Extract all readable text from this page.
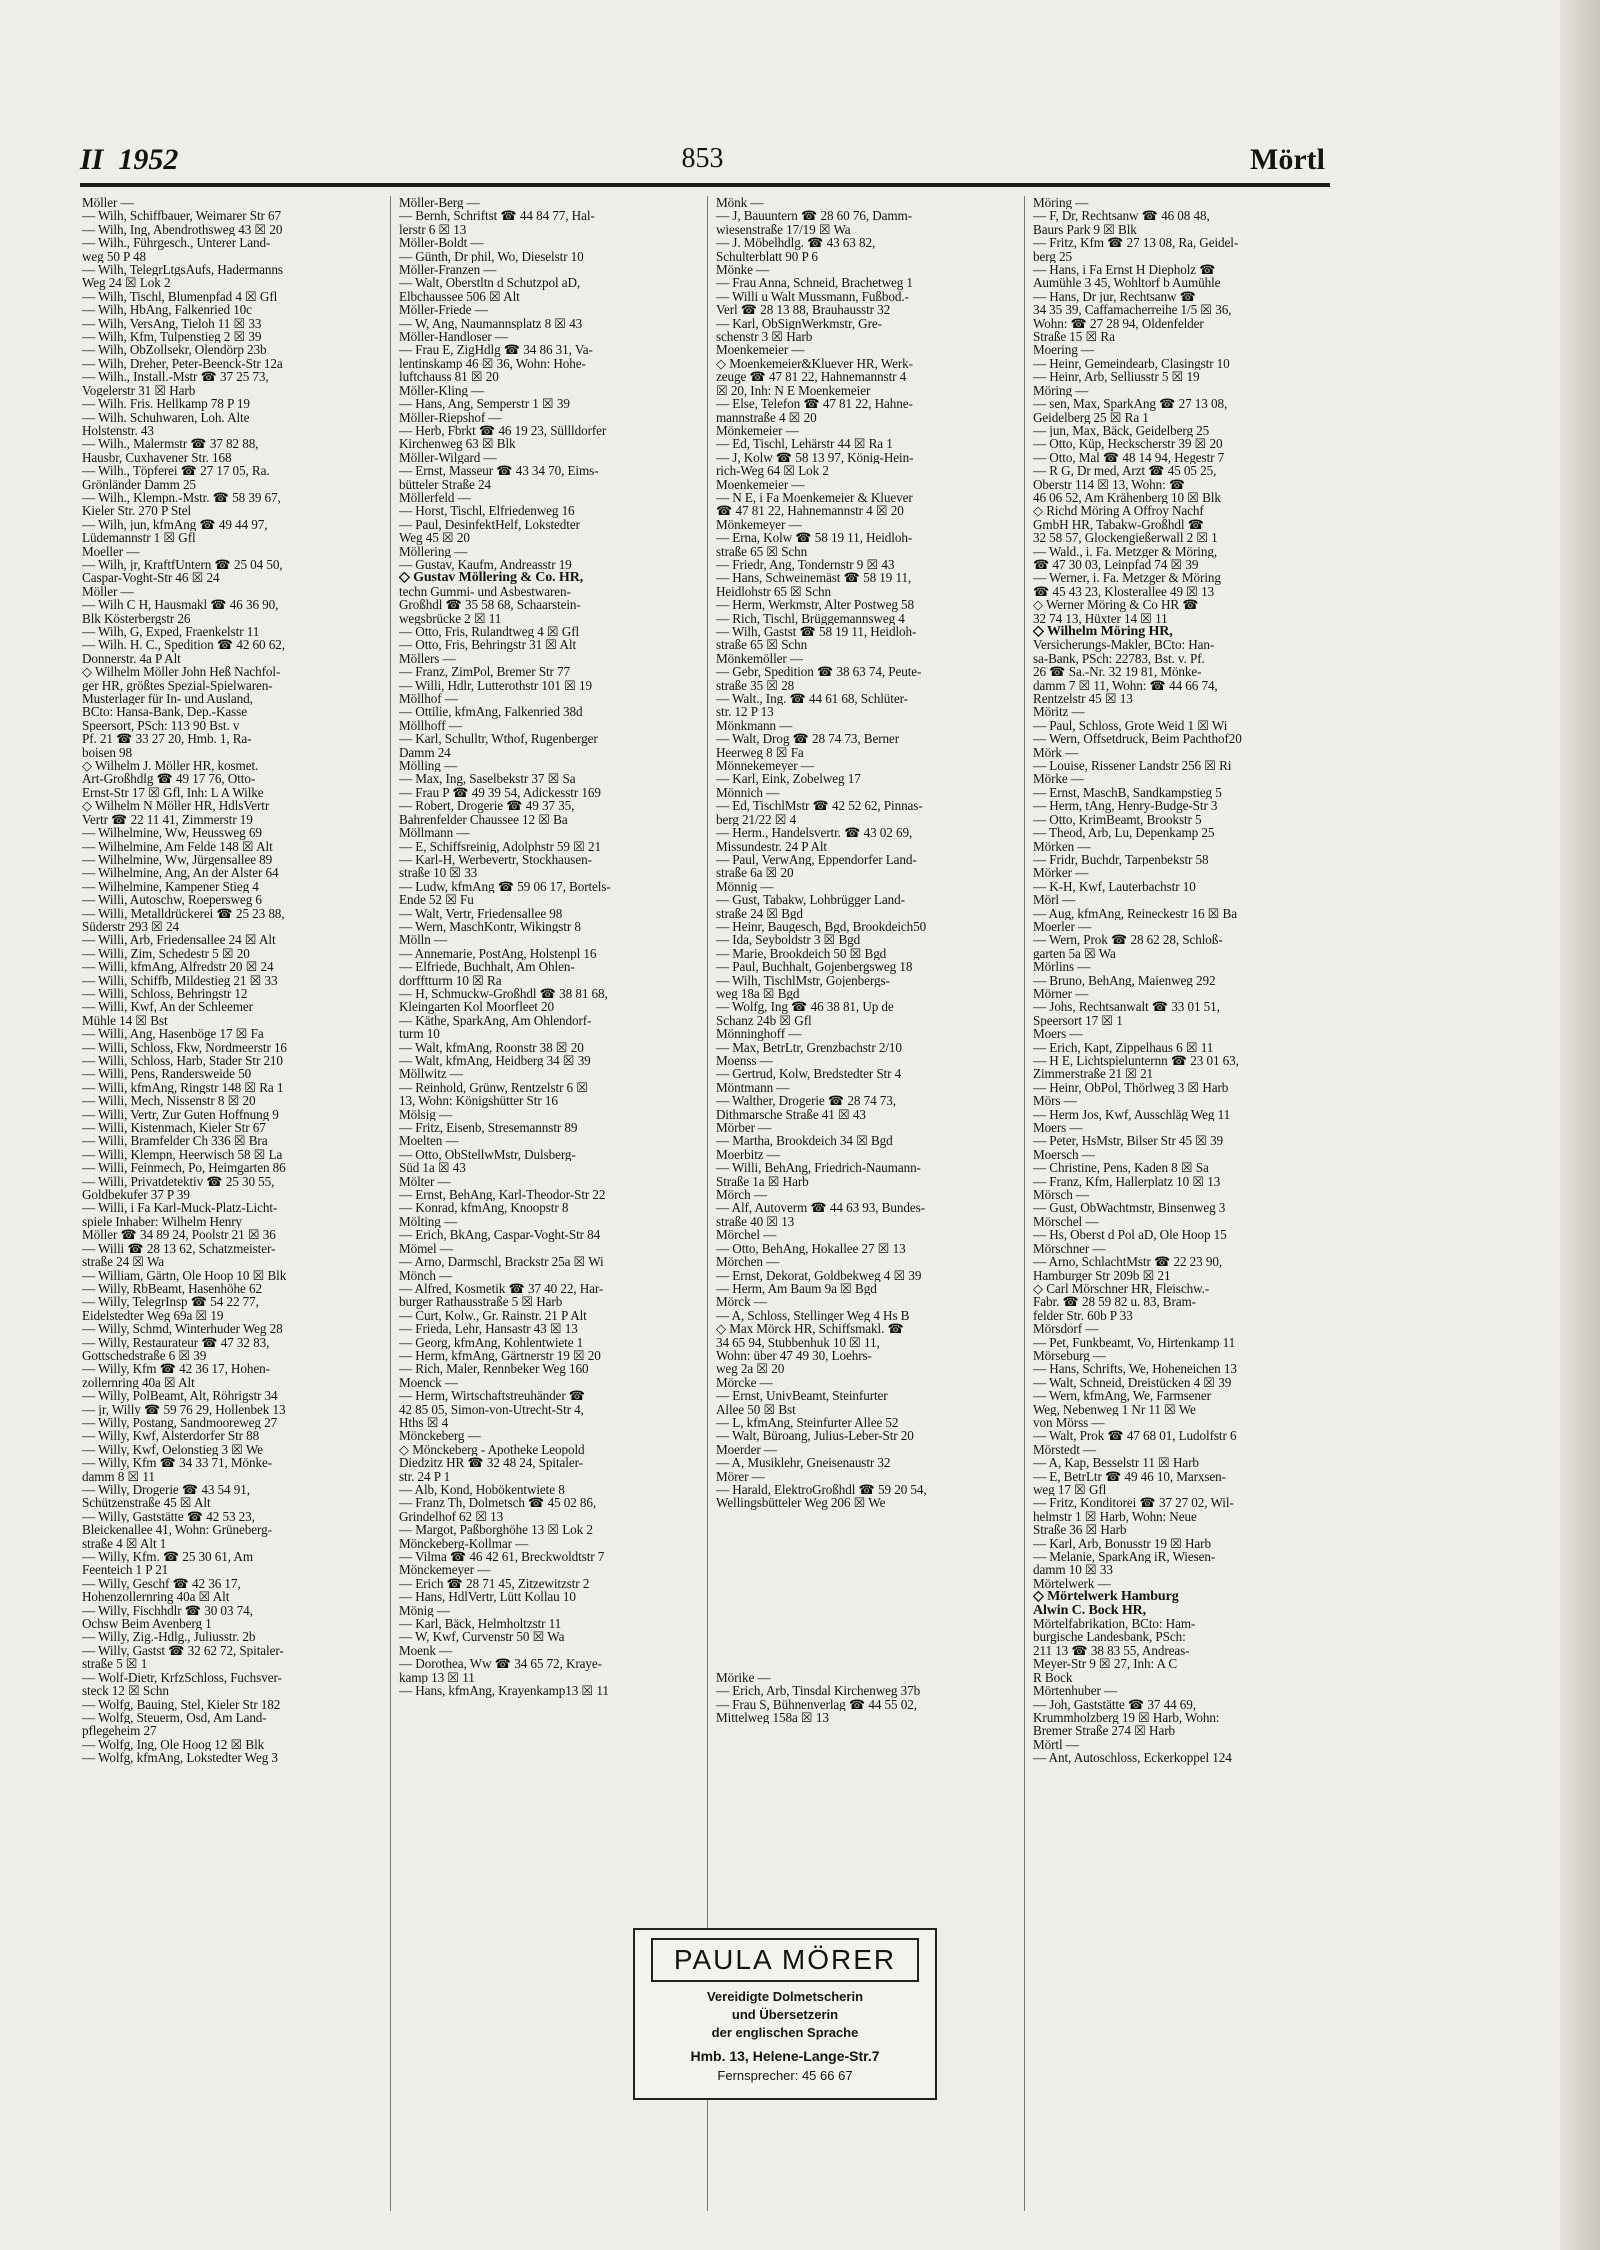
II 1952	853	Mörtl
Möller —
— Wilh, Schiffbauer, Weimarer Str 67
— Wilh, Ing, Abendrothsweg 43 ☒ 20
— Wilh., Führgesch., Unterer Land-
weg 50 P 48
— Wilh, TelegrLtgsAufs, Hadermanns
Weg 24 ☒ Lok 2
— Wilh, Tischl, Blumenpfad 4 ☒ Gfl
— Wilh, HbAng, Falkenried 10c
— Wilh, VersAng, Tieloh 11 ☒ 33
— Wilh, Kfm, Tulpenstieg 2 ☒ 39
— Wilh, ObZollsekr, Olendörp 23b
— Wilh, Dreher, Peter-Beenck-Str 12a
— Wilh., Install.-Mstr ☎ 37 25 73,
Vogelerstr 31 ☒ Harb
— Wilh. Fris. Hellkamp 78 P 19
— Wilh. Schuhwaren, Loh. Alte
Holstenstr. 43
— Wilh., Malermstr ☎ 37 82 88,
Hausbr, Cuxhavener Str. 168
— Wilh., Töpferei ☎ 27 17 05, Ra.
Grönländer Damm 25
— Wilh., Klempn.-Mstr. ☎ 58 39 67,
Kieler Str. 270 P Stel
— Wilh, jun, kfmAng ☎ 49 44 97,
Lüdemannstr 1 ☒ Gfl
Moeller —
— Wilh, jr, KraftfUntern ☎ 25 04 50,
Caspar-Voght-Str 46 ☒ 24
Möller —
— Wilh C H, Hausmakl ☎ 46 36 90,
Blk Kösterbergstr 26
— Wilh, G, Exped, Fraenkelstr 11
— Wilh. H. C., Spedition ☎ 42 60 62,
Donnerstr. 4a P Alt
◇ Wilhelm Möller John Heß Nachfol-
ger HR, größtes Spezial-Spielwaren-
Musterlager für In- und Ausland,
BCto: Hansa-Bank, Dep.-Kasse
Speersort, PSch: 113 90 Bst. v
Pf. 21 ☎ 33 27 20, Hmb. 1, Ra-
boisen 98
◇ Wilhelm J. Möller HR, kosmet.
Art-Großhdlg ☎ 49 17 76, Otto-
Ernst-Str 17 ☒ Gfl, Inh: L A Wilke
◇ Wilhelm N Möller HR, HdlsVertr
Vertr ☎ 22 11 41, Zimmerstr 19
— Wilhelmine, Ww, Heussweg 69
— Wilhelmine, Am Felde 148 ☒ Alt
— Wilhelmine, Ww, Jürgensallee 89
— Wilhelmine, Ang, An der Alster 64
— Wilhelmine, Kampener Stieg 4
— Willi, Autoschw, Roepersweg 6
— Willi, Metalldrückerei ☎ 25 23 88,
Süderstr 293 ☒ 24
— Willi, Arb, Friedensallee 24 ☒ Alt
— Willi, Zim, Schedestr 5 ☒ 20
— Willi, kfmAng, Alfredstr 20 ☒ 24
— Willi, Schiffb, Mildestieg 21 ☒ 33
— Willi, Schloss, Behringstr 12
— Willi, Kwf, An der Schleemer
Mühle 14 ☒ Bst
— Willi, Ang, Hasenböge 17 ☒ Fa
— Willi, Schloss, Fkw, Nordmeerstr 16
— Willi, Schloss, Harb, Stader Str 210
— Willi, Pens, Randersweide 50
— Willi, kfmAng, Ringstr 148 ☒ Ra 1
— Willi, Mech, Nissenstr 8 ☒ 20
— Willi, Vertr, Zur Guten Hoffnung 9
— Willi, Kistenmach, Kieler Str 67
— Willi, Bramfelder Ch 336 ☒ Bra
— Willi, Klempn, Heerwisch 58 ☒ La
— Willi, Feinmech, Po, Heimgarten 86
— Willi, Privatdetektiv ☎ 25 30 55,
Goldbekufer 37 P 39
— Willi, i Fa Karl-Muck-Platz-Licht-
spiele Inhaber: Wilhelm Henry
Möller ☎ 34 89 24, Poolstr 21 ☒ 36
— Willi ☎ 28 13 62, Schatzmeister-
straße 24 ☒ Wa
— William, Gärtn, Ole Hoop 10 ☒ Blk
— Willy, RbBeamt, Hasenhöhe 62
— Willy, TelegrInsp ☎ 54 22 77,
Eidelstedter Weg 69a ☒ 19
— Willy, Schmd, Winterhuder Weg 28
— Willy, Restaurateur ☎ 47 32 83,
Gottschedstraße 6 ☒ 39
— Willy, Kfm ☎ 42 36 17, Hohen-
zollernring 40a ☒ Alt
— Willy, PolBeamt, Alt, Röhrigstr 34
— jr, Willy ☎ 59 76 29, Hollenbek 13
— Willy, Postang, Sandmooreweg 27
— Willy, Kwf, Alsterdorfer Str 88
— Willy, Kwf, Oelonstieg 3 ☒ We
— Willy, Kfm ☎ 34 33 71, Mönke-
damm 8 ☒ 11
— Willy, Drogerie ☎ 43 54 91,
Schützenstraße 45 ☒ Alt
— Willy, Gaststätte ☎ 42 53 23,
Bleickenallee 41, Wohn: Grüneberg-
straße 4 ☒ Alt 1
— Willy, Kfm. ☎ 25 30 61, Am
Feenteich 1 P 21
— Willy, Geschf ☎ 42 36 17,
Hohenzollernring 40a ☒ Alt
— Willy, Fischhdlr ☎ 30 03 74,
Ochsw Beim Avenberg 1
— Willy, Zig.-Hdlg., Juliusstr. 2b
— Willy, Gastst ☎ 32 62 72, Spitaler-
straße 5 ☒ 1
— Wolf-Dietr, KrfzSchloss, Fuchsver-
steck 12 ☒ Schn
— Wolfg, Bauing, Stel, Kieler Str 182
— Wolfg, Steuerm, Osd, Am Land-
pflegeheim 27
— Wolfg, Ing, Ole Hoog 12 ☒ Blk
— Wolfg, kfmAng, Lokstedter Weg 3
Möller-Berg —
— Bernh, Schriftst ☎ 44 84 77, Hal-
lerstr 6 ☒ 13
Möller-Boldt —
— Günth, Dr phil, Wo, Dieselstr 10
Möller-Franzen —
— Walt, Oberstltn d Schutzpol aD,
Elbchaussee 506 ☒ Alt
Möller-Friede —
— W, Ang, Naumannsplatz 8 ☒ 43
Möller-Handloser —
— Frau E, ZigHdlg ☎ 34 86 31, Va-
lentinskamp 46 ☒ 36, Wohn: Hohe-
luftchauss 81 ☒ 20
Möller-Kling —
— Hans, Ang, Semperstr 1 ☒ 39
Möller-Riepshof —
— Herb, Fbrkt ☎ 46 19 23, Süllldorfer
Kirchenweg 63 ☒ Blk
Möller-Wilgard —
— Ernst, Masseur ☎ 43 34 70, Eims-
bütteler Straße 24
Möllerfeld —
— Horst, Tischl, Elfriedenweg 16
— Paul, DesinfektHelf, Lokstedter
Weg 45 ☒ 20
Möllering —
— Gustav, Kaufm, Andreasstr 19
◇ Gustav Möllering & Co. HR,
techn Gummi- und Asbestwaren-
Großhdl ☎ 35 58 68, Schaarstein-
wegsbrücke 2 ☒ 11
— Otto, Fris, Rulandtweg 4 ☒ Gfl
— Otto, Fris, Behringstr 31 ☒ Alt
Möllers —
— Franz, ZimPol, Bremer Str 77
— Willi, Hdlr, Lutterothstr 101 ☒ 19
Möllhof —
— Ottilie, kfmAng, Falkenried 38d
Möllhoff —
— Karl, Schulltr, Wthof, Rugenberger
Damm 24
Mölling —
— Max, Ing, Saselbekstr 37 ☒ Sa
— Frau P ☎ 49 39 54, Adickesstr 169
— Robert, Drogerie ☎ 49 37 35,
Bahrenfelder Chaussee 12 ☒ Ba
Möllmann —
— E, Schiffsreinig, Adolphstr 59 ☒ 21
— Karl-H, Werbevertr, Stockhausen-
straße 10 ☒ 33
— Ludw, kfmAng ☎ 59 06 17, Bortels-
Ende 52 ☒ Fu
— Walt, Vertr, Friedensallee 98
— Wern, MaschKontr, Wikingstr 8
Mölln —
— Annemarie, PostAng, Holstenpl 16
— Elfriede, Buchhalt, Am Ohlen-
dorfftturm 10 ☒ Ra
— H, Schmuckw-Großhdl ☎ 38 81 68,
Kleingarten Kol Moorfleet 20
— Käthe, SparkAng, Am Ohlendorf-
turm 10
— Walt, kfmAng, Roonstr 38 ☒ 20
— Walt, kfmAng, Heidberg 34 ☒ 39
Möllwitz —
— Reinhold, Grünw, Rentzelstr 6 ☒
13, Wohn: Königshütter Str 16
Mölsig —
— Fritz, Eisenb, Stresemannstr 89
Moelten —
— Otto, ObStellwMstr, Dulsberg-
Süd 1a ☒ 43
Mölter —
— Ernst, BehAng, Karl-Theodor-Str 22
— Konrad, kfmAng, Knoopstr 8
Mölting —
— Erich, BkAng, Caspar-Voght-Str 84
Mömel —
— Arno, Darmschl, Brackstr 25a ☒ Wi
Mönch —
— Alfred, Kosmetik ☎ 37 40 22, Har-
burger Rathausstraße 5 ☒ Harb
— Curt, Kolw., Gr. Rainstr. 21 P Alt
— Frieda, Lehr, Hansastr 43 ☒ 13
— Georg, kfmAng, Kohlentwiete 1
— Herm, kfmAng, Gärtnerstr 19 ☒ 20
— Rich, Maler, Rennbeker Weg 160
Moenck —
— Herm, Wirtschaftstreuhänder ☎
42 85 05, Simon-von-Utrecht-Str 4,
Hths ☒ 4
Mönckeberg —
◇ Mönckeberg - Apotheke Leopold
Diedzitz HR ☎ 32 48 24, Spitaler-
str. 24 P 1
— Alb, Kond, Hobökentwiete 8
— Franz Th, Dolmetsch ☎ 45 02 86,
Grindelhof 62 ☒ 13
— Margot, Paßborghöhe 13 ☒ Lok 2
Mönckeberg-Kollmar —
— Vilma ☎ 46 42 61, Breckwoldtstr 7
Mönckemeyer —
— Erich ☎ 28 71 45, Zitzewitzstr 2
— Hans, HdlVertr, Lütt Kollau 10
Mönig —
— Karl, Bäck, Helmholtzstr 11
— W, Kwf, Curvenstr 50 ☒ Wa
Moenk —
— Dorothea, Ww ☎ 34 65 72, Kraye-
kamp 13 ☒ 11
— Hans, kfmAng, Krayenkamp13 ☒ 11
Mönk —
— J, Bauuntern ☎ 28 60 76, Damm-
wiesenstraße 17/19 ☒ Wa
— J. Möbelhdlg. ☎ 43 63 82,
Schulterblatt 90 P 6
Mönke —
— Frau Anna, Schneid, Brachetweg 1
— Willi u Walt Mussmann, Fußbod.-
Verl ☎ 28 13 88, Brauhausstr 32
— Karl, ObSignWerkmstr, Gre-
schenstr 3 ☒ Harb
Moenkemeier —
◇ Moenkemeier&Kluever HR, Werk-
zeuge ☎ 47 81 22, Hahnemannstr 4
☒ 20, Inh: N E Moenkemeier
— Else, Telefon ☎ 47 81 22, Hahne-
mannstraße 4 ☒ 20
Mönkemeier —
— Ed, Tischl, Lehärstr 44 ☒ Ra 1
— J, Kolw ☎ 58 13 97, König-Hein-
rich-Weg 64 ☒ Lok 2
Moenkemeier —
— N E, i Fa Moenkemeier & Kluever
☎ 47 81 22, Hahnemannstr 4 ☒ 20
Mönkemeyer —
— Erna, Kolw ☎ 58 19 11, Heidloh-
straße 65 ☒ Schn
— Friedr, Ang, Tondernstr 9 ☒ 43
— Hans, Schweinemäst ☎ 58 19 11,
Heidlohstr 65 ☒ Schn
— Herm, Werkmstr, Alter Postweg 58
— Rich, Tischl, Brüggemannsweg 4
— Wilh, Gastst ☎ 58 19 11, Heidloh-
straße 65 ☒ Schn
Mönkemöller —
— Gebr, Spedition ☎ 38 63 74, Peute-
straße 35 ☒ 28
— Walt., Ing. ☎ 44 61 68, Schlüter-
str. 12 P 13
Mönkmann —
— Walt, Drog ☎ 28 74 73, Berner
Heerweg 8 ☒ Fa
Mönnekemeyer —
— Karl, Eink, Zobelweg 17
Mönnich —
— Ed, TischlMstr ☎ 42 52 62, Pinnas-
berg 21/22 ☒ 4
— Herm., Handelsvertr. ☎ 43 02 69,
Missundestr. 24 P Alt
— Paul, VerwAng, Eppendorfer Land-
straße 6a ☒ 20
Mönnig —
— Gust, Tabakw, Lohbrügger Land-
straße 24 ☒ Bgd
— Heinr, Baugesch, Bgd, Brookdeich50
— Ida, Seyboldstr 3 ☒ Bgd
— Marie, Brookdeich 50 ☒ Bgd
— Paul, Buchhalt, Gojenbergsweg 18
— Wilh, TischlMstr, Gojenbergs-
weg 18a ☒ Bgd
— Wolfg, Ing ☎ 46 38 81, Up de
Schanz 24b ☒ Gfl
Mönninghoff —
— Max, BetrLtr, Grenzbachstr 2/10
Moenss —
— Gertrud, Kolw, Bredstedter Str 4
Möntmann —
— Walther, Drogerie ☎ 28 74 73,
Dithmarsche Straße 41 ☒ 43
Mörber —
— Martha, Brookdeich 34 ☒ Bgd
Moerbitz —
— Willi, BehAng, Friedrich-Naumann-
Straße 1a ☒ Harb
Mörch —
— Alf, Autoverm ☎ 44 63 93, Bundes-
straße 40 ☒ 13
Mörchel —
— Otto, BehAng, Hokallee 27 ☒ 13
Mörchen —
— Ernst, Dekorat, Goldbekweg 4 ☒ 39
— Herm, Am Baum 9a ☒ Bgd
Mörck —
— A, Schloss, Stellinger Weg 4 Hs B
◇ Max Mörck HR, Schiffsmakl. ☎
34 65 94, Stubbenhuk 10 ☒ 11,
Wohn: über 47 49 30, Loehrs-
weg 2a ☒ 20
Mörcke —
— Ernst, UnivBeamt, Steinfurter
Allee 50 ☒ Bst
— L, kfmAng, Steinfurter Allee 52
— Walt, Büroang, Julius-Leber-Str 20
Moerder —
— A, Musiklehr, Gneisenaustr 32
Mörer —
— Harald, ElektroGroßhdl ☎ 59 20 54,
Wellingsbütteler Weg 206 ☒ We

Mörike —
— Erich, Arb, Tinsdal Kirchenweg 37b
— Frau S, Bühnenverlag ☎ 44 55 02,
Mittelweg 158a ☒ 13
Möring —
— F, Dr, Rechtsanw ☎ 46 08 48,
Baurs Park 9 ☒ Blk
— Fritz, Kfm ☎ 27 13 08, Ra, Geidel-
berg 25
— Hans, i Fa Ernst H Diepholz ☎
Aumühle 3 45, Wohltorf b Aumühle
— Hans, Dr jur, Rechtsanw ☎
34 35 39, Caffamacherreihe 1/5 ☒ 36,
Wohn: ☎ 27 28 94, Oldenfelder
Straße 15 ☒ Ra
Moering —
— Heinr, Gemeindearb, Clasingstr 10
— Heinr, Arb, Selliusstr 5 ☒ 19
Möring —
— sen, Max, SparkAng ☎ 27 13 08,
Geidelberg 25 ☒ Ra 1
— jun, Max, Bäck, Geidelberg 25
— Otto, Küp, Heckscherstr 39 ☒ 20
— Otto, Mal ☎ 48 14 94, Hegestr 7
— R G, Dr med, Arzt ☎ 45 05 25,
Oberstr 114 ☒ 13, Wohn: ☎
46 06 52, Am Krähenberg 10 ☒ Blk
◇ Richd Möring A Offroy Nachf
GmbH HR, Tabakw-Großhdl ☎
32 58 57, Glockengießerwall 2 ☒ 1
— Wald., i. Fa. Metzger & Möring,
☎ 47 30 03, Leinpfad 74 ☒ 39
— Werner, i. Fa. Metzger & Möring
☎ 45 43 23, Klosterallee 49 ☒ 13
◇ Werner Möring & Co HR ☎
32 74 13, Hüxter 14 ☒ 11
◇ Wilhelm Möring HR,
Versicherungs-Makler, BCto: Han-
sa-Bank, PSch: 22783, Bst. v. Pf.
26 ☎ Sa.-Nr. 32 19 81, Mönke-
damm 7 ☒ 11, Wohn: ☎ 44 66 74,
Rentzelstr 45 ☒ 13
Möritz —
— Paul, Schloss, Grote Weid 1 ☒ Wi
— Wern, Offsetdruck, Beim Pachthof20
Mörk —
— Louise, Rissener Landstr 256 ☒ Ri
Mörke —
— Ernst, MaschB, Sandkampstieg 5
— Herm, tAng, Henry-Budge-Str 3
— Otto, KrimBeamt, Brookstr 5
— Theod, Arb, Lu, Depenkamp 25
Mörken —
— Fridr, Buchdr, Tarpenbekstr 58
Mörker —
— K-H, Kwf, Lauterbachstr 10
Mörl —
— Aug, kfmAng, Reineckestr 16 ☒ Ba
Moerler —
— Wern, Prok ☎ 28 62 28, Schloß-
garten 5a ☒ Wa
Mörlins —
— Bruno, BehAng, Maienweg 292
Mörner —
— Johs, Rechtsanwalt ☎ 33 01 51,
Speersort 17 ☒ 1
Moers —
— Erich, Kapt, Zippelhaus 6 ☒ 11
— H E, Lichtspielunternn ☎ 23 01 63,
Zimmerstraße 21 ☒ 21
— Heinr, ObPol, Thörlweg 3 ☒ Harb
Mörs —
— Herm Jos, Kwf, Ausschläg Weg 11
Moers —
— Peter, HsMstr, Bilser Str 45 ☒ 39
Moersch —
— Christine, Pens, Kaden 8 ☒ Sa
— Franz, Kfm, Hallerplatz 10 ☒ 13
Mörsch —
— Gust, ObWachtmstr, Binsenweg 3
Mörschel —
— Hs, Oberst d Pol aD, Ole Hoop 15
Mörschner —
— Arno, SchlachtMstr ☎ 22 23 90,
Hamburger Str 209b ☒ 21
◇ Carl Mörschner HR, Fleischw.-
Fabr. ☎ 28 59 82 u. 83, Bram-
felder Str. 60b P 33
Mörsdorf —
— Pet, Funkbeamt, Vo, Hirtenkamp 11
Mörseburg —
— Hans, Schrifts, We, Hoheneichen 13
— Walt, Schneid, Dreistücken 4 ☒ 39
— Wern, kfmAng, We, Farmsener
Weg, Nebenweg 1 Nr 11 ☒ We
von Mörss —
— Walt, Prok ☎ 47 68 01, Ludolfstr 6
Mörstedt —
— A, Kap, Besselstr 11 ☒ Harb
— E, BetrLtr ☎ 49 46 10, Marxsen-
weg 17 ☒ Gfl
— Fritz, Konditorei ☎ 37 27 02, Wil-
helmstr 1 ☒ Harb, Wohn: Neue
Straße 36 ☒ Harb
— Karl, Arb, Bonusstr 19 ☒ Harb
— Melanie, SparkAng iR, Wiesen-
damm 10 ☒ 33
Mörtelwerk —
◇ Mörtelwerk Hamburg
Alwin C. Bock HR,
Mörtelfabrikation, BCto: Ham-
burgische Landesbank, PSch:
211 13 ☎ 38 83 55, Andreas-
Meyer-Str 9 ☒ 27, Inh: A C
R Bock
Mörtenhuber —
— Joh, Gaststätte ☎ 37 44 69,
Krummholzberg 19 ☒ Harb, Wohn:
Bremer Straße 274 ☒ Harb
Mörtl —
— Ant, Autoschloss, Eckerkoppel 124
PAULA MÖRER
Vereidigte Dolmetscherin
und Übersetzerin
der englischen Sprache
Hmb. 13, Helene-Lange-Str.7
Fernsprecher: 45 66 67
